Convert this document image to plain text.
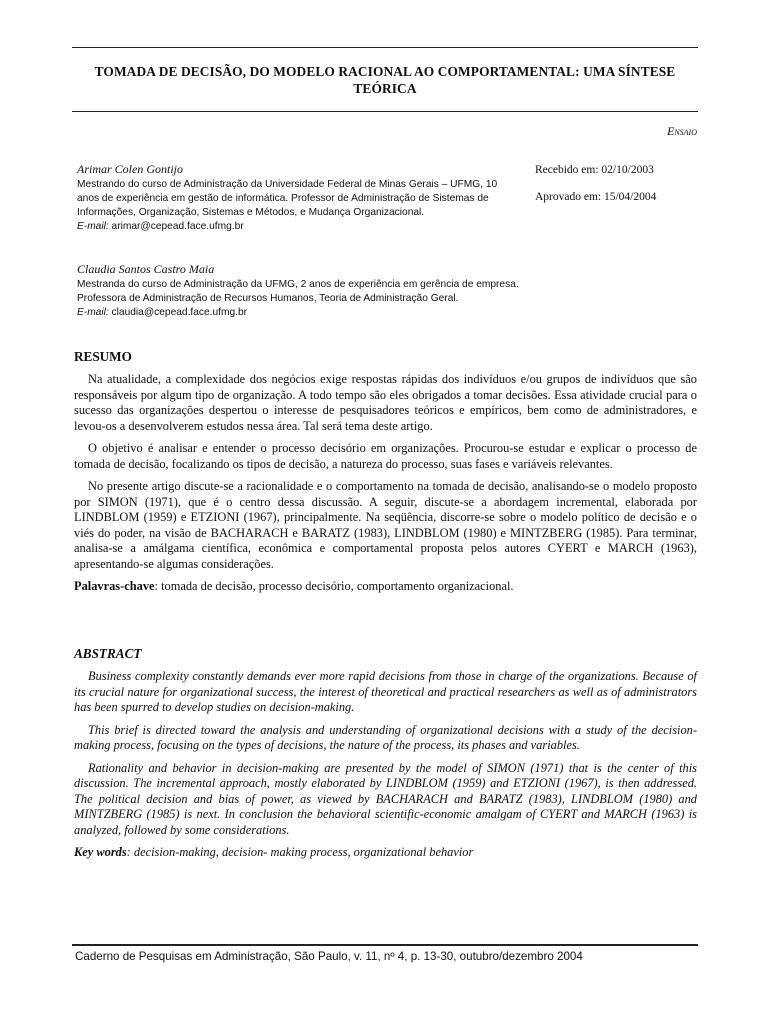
TOMADA DE DECISÃO, DO MODELO RACIONAL AO COMPORTAMENTAL: UMA SÍNTESE TEÓRICA
Ensaio
Arimar Colen Gontijo
Mestrando do curso de Administração da Universidade Federal de Minas Gerais – UFMG, 10 anos de experiência em gestão de informática. Professor de Administração de Sistemas de Informações, Organização, Sistemas e Métodos, e Mudança Organizacional.
E-mail: arimar@cepead.face.ufmg.br
Claudia Santos Castro Maia
Mestranda do curso de Administração da UFMG, 2 anos de experiência em gerência de empresa. Professora de Administração de Recursos Humanos, Teoria de Administração Geral.
E-mail: claudia@cepead.face.ufmg.br
Recebido em: 02/10/2003
Aprovado em: 15/04/2004
RESUMO

Na atualidade, a complexidade dos negócios exige respostas rápidas dos indivíduos e/ou grupos de indivíduos que são responsáveis por algum tipo de organização. A todo tempo são eles obrigados a tomar decisões. Essa atividade crucial para o sucesso das organizações despertou o interesse de pesquisadores teóricos e empíricos, bem como de administradores, e levou-os a desenvolverem estudos nessa área. Tal será tema deste artigo.

O objetivo é analisar e entender o processo decisório em organizações. Procurou-se estudar e explicar o processo de tomada de decisão, focalizando os tipos de decisão, a natureza do processo, suas fases e variáveis relevantes.

No presente artigo discute-se a racionalidade e o comportamento na tomada de decisão, analisando-se o modelo proposto por SIMON (1971), que é o centro dessa discussão. A seguir, discute-se a abordagem incremental, elaborada por LINDBLOM (1959) e ETZIONI (1967), principalmente. Na seqüência, discorre-se sobre o modelo político de decisão e o viés do poder, na visão de BACHARACH e BARATZ (1983), LINDBLOM (1980) e MINTZBERG (1985). Para terminar, analisa-se a amálgama científica, econômica e comportamental proposta pelos autores CYERT e MARCH (1963), apresentando-se algumas considerações.

Palavras-chave: tomada de decisão, processo decisório, comportamento organizacional.
ABSTRACT

Business complexity constantly demands ever more rapid decisions from those in charge of the organizations. Because of its crucial nature for organizational success, the interest of theoretical and practical researchers as well as of administrators has been spurred to develop studies on decision-making.

This brief is directed toward the analysis and understanding of organizational decisions with a study of the decision-making process, focusing on the types of decisions, the nature of the process, its phases and variables.

Rationality and behavior in decision-making are presented by the model of SIMON (1971) that is the center of this discussion. The incremental approach, mostly elaborated by LINDBLOM (1959) and ETZIONI (1967), is then addressed. The political decision and bias of power, as viewed by BACHARACH and BARATZ (1983), LINDBLOM (1980) and MINTZBERG (1985) is next. In conclusion the behavioral scientific-economic amalgam of CYERT and MARCH (1963) is analyzed, followed by some considerations.

Key words: decision-making, decision- making process, organizational behavior
Caderno de Pesquisas em Administração, São Paulo, v. 11, nº 4, p. 13-30, outubro/dezembro 2004
